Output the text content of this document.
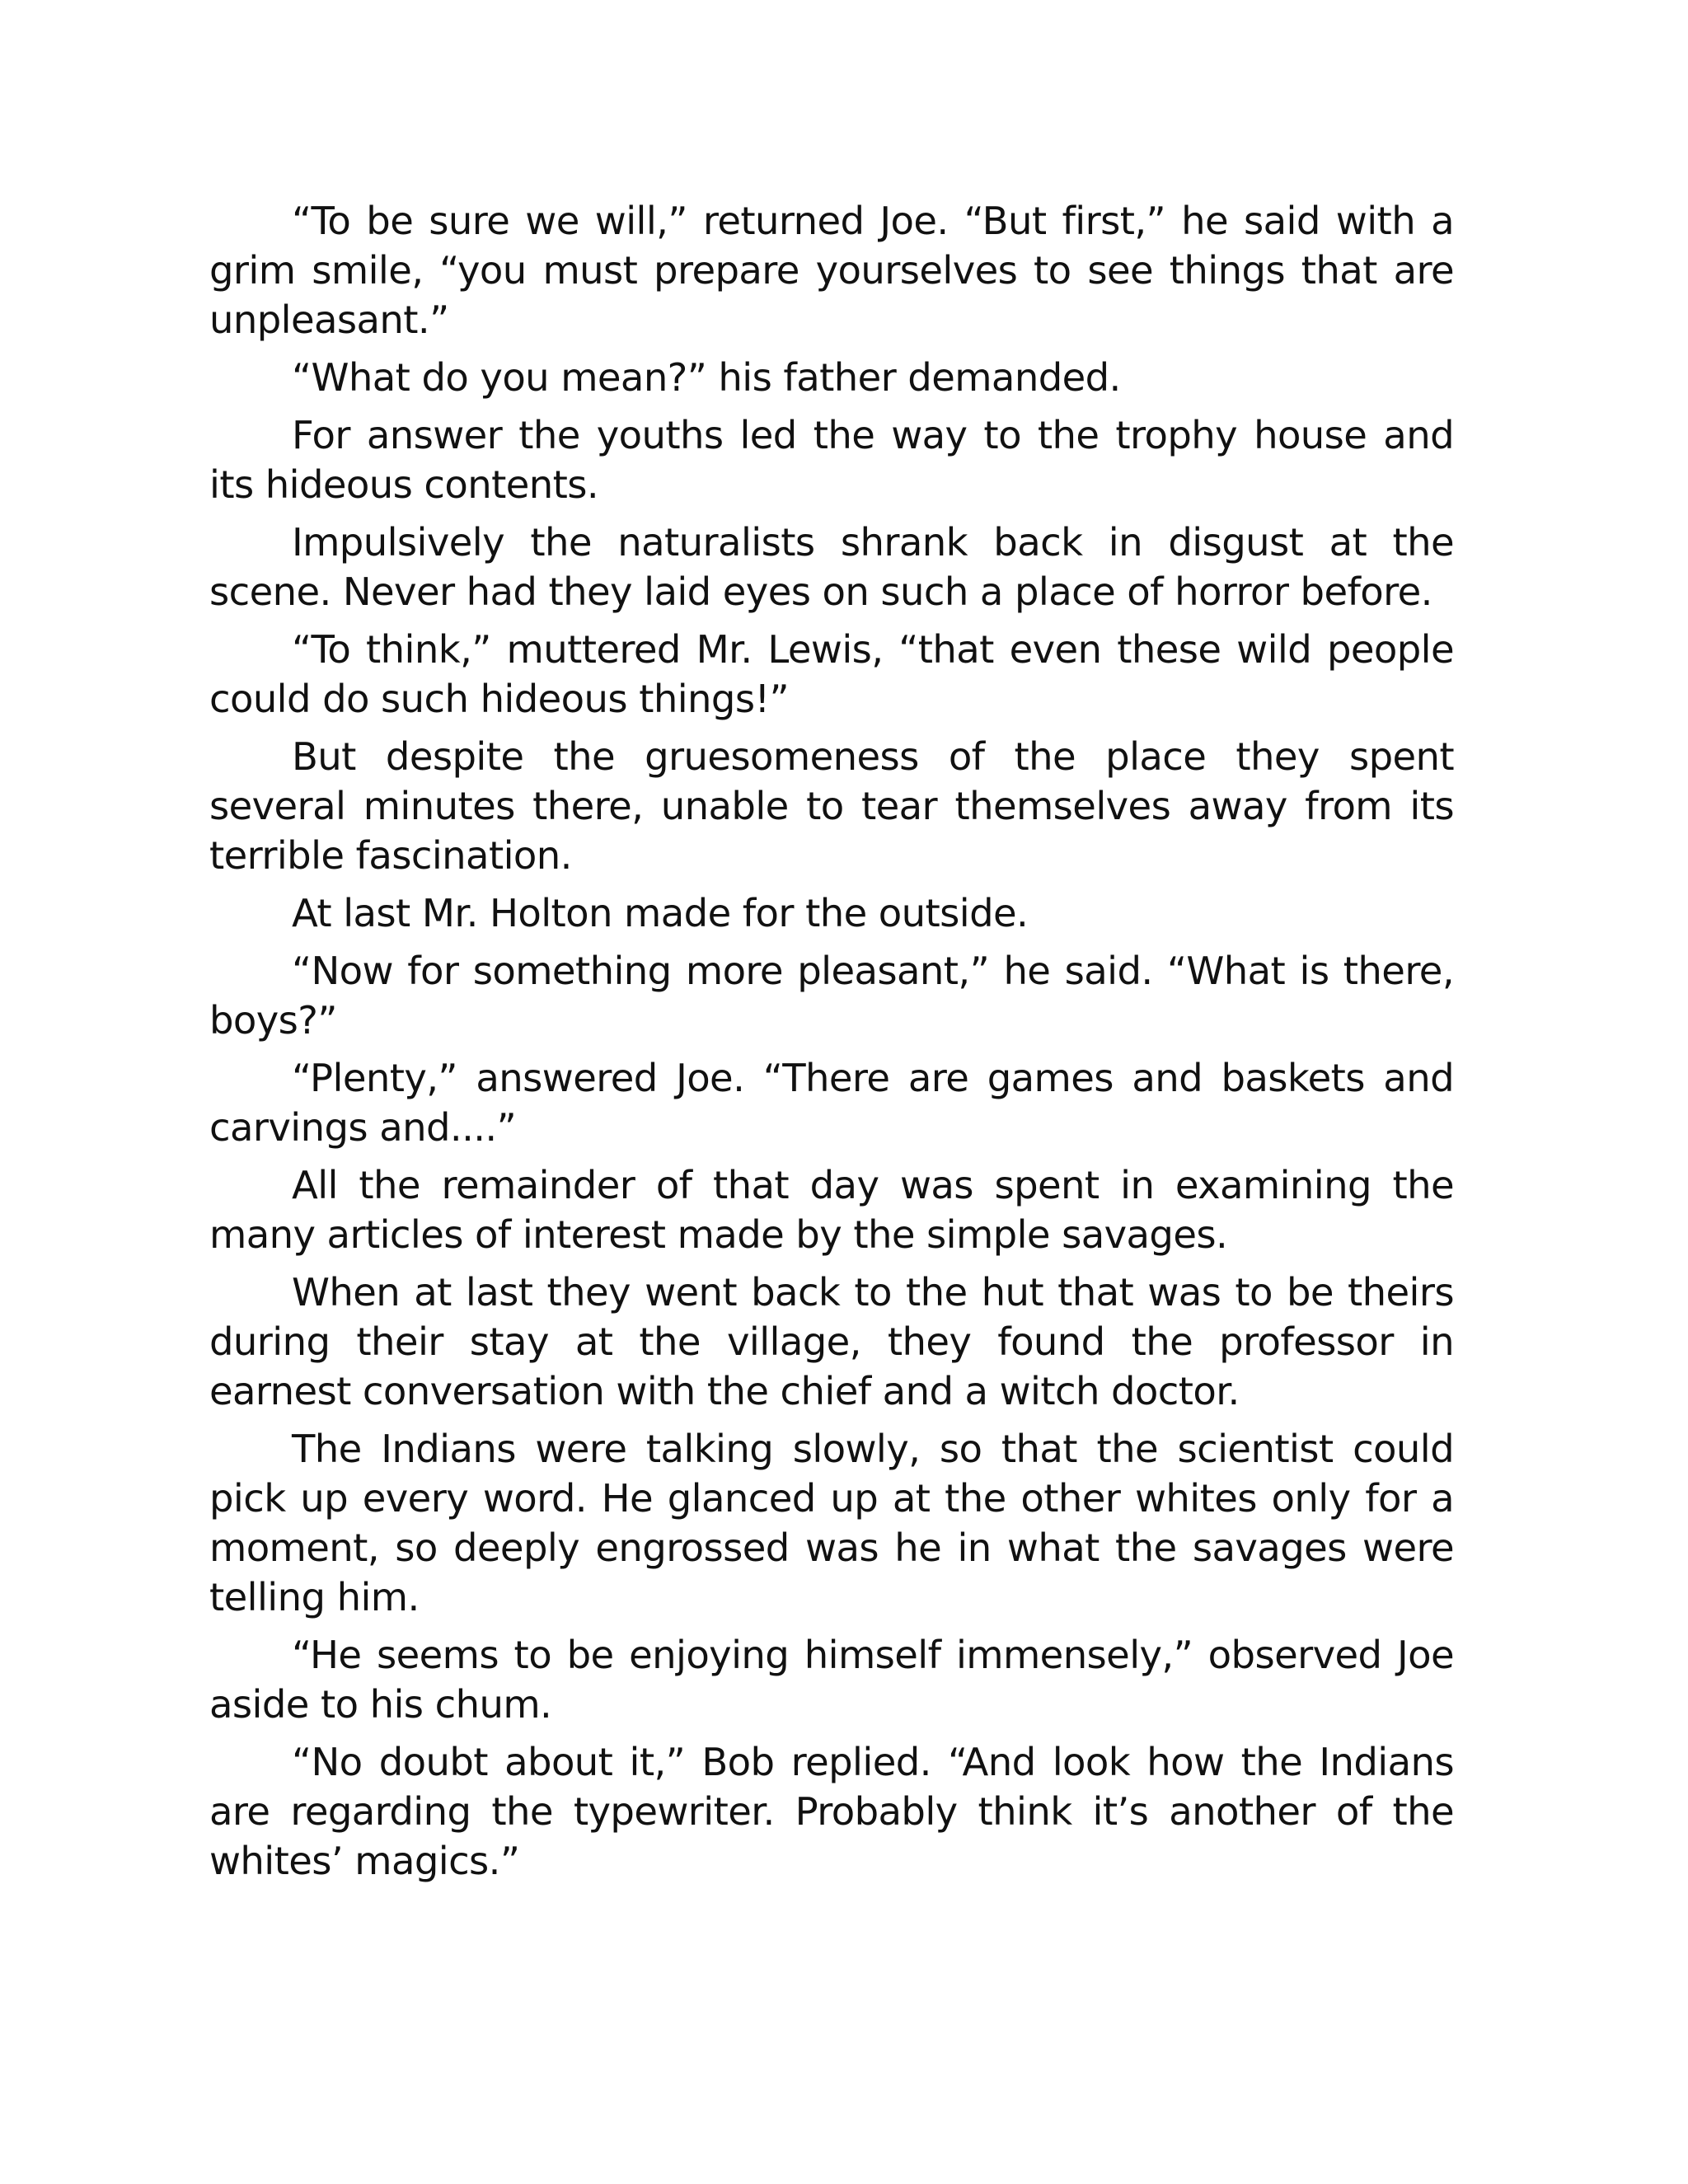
“To be sure we will,” returned Joe. “But first,” he said with a grim smile, “you must prepare yourselves to see things that are unpleasant.”

“What do you mean?” his father demanded.

For answer the youths led the way to the trophy house and its hideous contents.

Impulsively the naturalists shrank back in disgust at the scene. Never had they laid eyes on such a place of horror before.

“To think,” muttered Mr. Lewis, “that even these wild people could do such hideous things!”

But despite the gruesomeness of the place they spent several minutes there, unable to tear themselves away from its terrible fascination.

At last Mr. Holton made for the outside.

“Now for something more pleasant,” he said. “What is there, boys?”

“Plenty,” answered Joe. “There are games and baskets and carvings and....”

All the remainder of that day was spent in examining the many articles of interest made by the simple savages.

When at last they went back to the hut that was to be theirs during their stay at the village, they found the professor in earnest conversation with the chief and a witch doctor.

The Indians were talking slowly, so that the scientist could pick up every word. He glanced up at the other whites only for a moment, so deeply engrossed was he in what the savages were telling him.

“He seems to be enjoying himself immensely,” observed Joe aside to his chum.

“No doubt about it,” Bob replied. “And look how the Indians are regarding the typewriter. Probably think it’s another of the whites’ magics.”
